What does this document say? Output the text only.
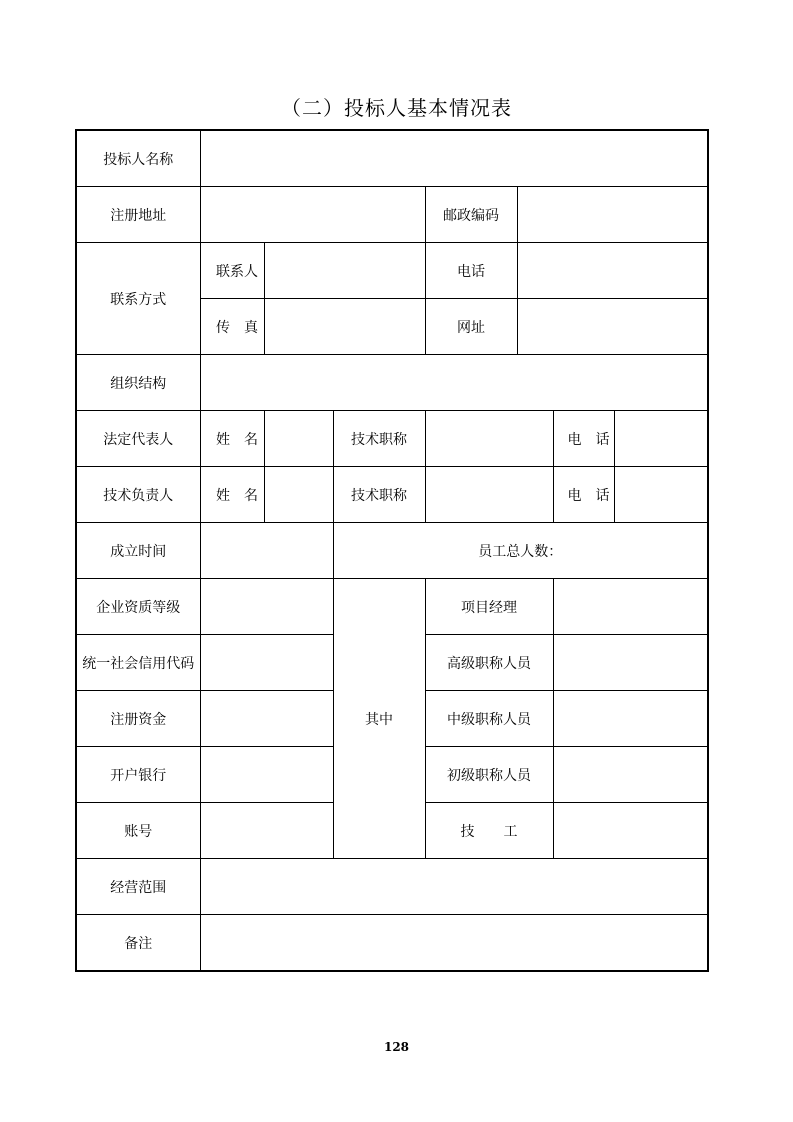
（二）投标人基本情况表
投标人名称							
注册地址				邮政编码			
联系方式	联系人			电话			
	传　真			网址			
组织结构							
法定代表人	姓　名		技术职称			电　话	
技术负责人	姓　名		技术职称			电　话	
成立时间			员工总人数：				
企业资质等级			其中	项目经理			
统一社会信用代码				高级职称人员			
注册资金				中级职称人员			
开户银行				初级职称人员			
账号				技 工			

经营范围							
备注							
128
